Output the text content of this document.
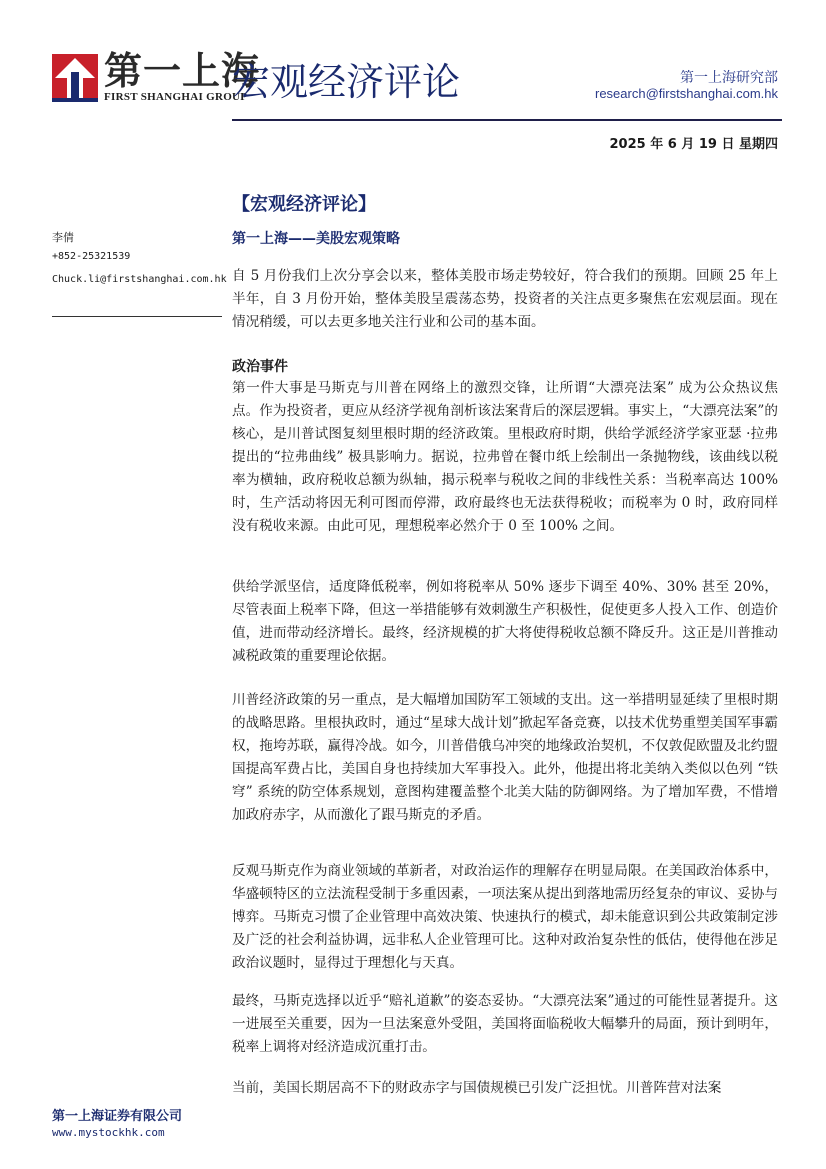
第一上海
FIRST SHANGHAI GROUP
宏观经济评论	第一上海研究部
research@firstshanghai.com.hk
2025 年 6 月 19 日 星期四
李倩
+852-25321539
Chuck.li@firstshanghai.com.hk
第一上海证券有限公司
www.mystockhk.com
【宏观经济评论】
第一上海——美股宏观策略
自 5 月份我们上次分享会以来，整体美股市场走势较好，符合我们的预期。回顾 25 年上半年，自 3 月份开始，整体美股呈震荡态势，投资者的关注点更多聚焦在宏观层面。现在情况稍缓，可以去更多地关注行业和公司的基本面。
政治事件
第一件大事是马斯克与川普在网络上的激烈交锋，让所谓“大漂亮法案” 成为公众热议焦点。作为投资者，更应从经济学视角剖析该法案背后的深层逻辑。事实上，“大漂亮法案”的核心，是川普试图复刻里根时期的经济政策。里根政府时期，供给学派经济学家亚瑟 ·拉弗提出的“拉弗曲线” 极具影响力。据说，拉弗曾在餐巾纸上绘制出一条抛物线，该曲线以税率为横轴，政府税收总额为纵轴，揭示税率与税收之间的非线性关系：当税率高达 100% 时，生产活动将因无利可图而停滞，政府最终也无法获得税收；而税率为 0 时，政府同样没有税收来源。由此可见，理想税率必然介于 0 至 100% 之间。
供给学派坚信，适度降低税率，例如将税率从 50% 逐步下调至 40%、30% 甚至 20%，尽管表面上税率下降，但这一举措能够有效刺激生产积极性，促使更多人投入工作、创造价值，进而带动经济增长。最终，经济规模的扩大将使得税收总额不降反升。这正是川普推动减税政策的重要理论依据。
川普经济政策的另一重点，是大幅增加国防军工领域的支出。这一举措明显延续了里根时期的战略思路。里根执政时，通过“星球大战计划”掀起军备竞赛，以技术优势重塑美国军事霸权，拖垮苏联，赢得冷战。如今，川普借俄乌冲突的地缘政治契机，不仅敦促欧盟及北约盟国提高军费占比，美国自身也持续加大军事投入。此外，他提出将北美纳入类似以色列 “铁穹” 系统的防空体系规划，意图构建覆盖整个北美大陆的防御网络。为了增加军费，不惜增加政府赤字，从而激化了跟马斯克的矛盾。
反观马斯克作为商业领域的革新者，对政治运作的理解存在明显局限。在美国政治体系中，华盛顿特区的立法流程受制于多重因素，一项法案从提出到落地需历经复杂的审议、妥协与博弈。马斯克习惯了企业管理中高效决策、快速执行的模式，却未能意识到公共政策制定涉及广泛的社会利益协调，远非私人企业管理可比。这种对政治复杂性的低估，使得他在涉足政治议题时，显得过于理想化与天真。
最终，马斯克选择以近乎“赔礼道歉”的姿态妥协。“大漂亮法案”通过的可能性显著提升。这一进展至关重要，因为一旦法案意外受阻，美国将面临税收大幅攀升的局面，预计到明年，税率上调将对经济造成沉重打击。
当前，美国长期居高不下的财政赤字与国债规模已引发广泛担忧。川普阵营对法案
